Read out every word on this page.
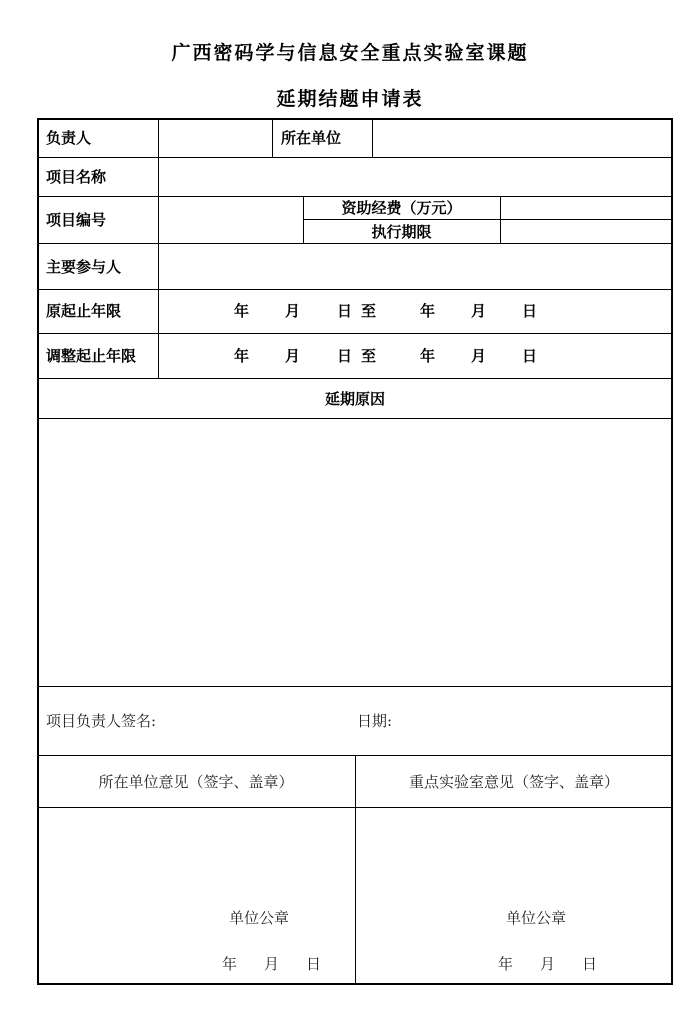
广西密码学与信息安全重点实验室课题
延期结题申请表
负责人	所在单位
项目名称
项目编号
资助经费（万元）
执行期限
主要参与人
原起止年限	年 月 日 至	年 月 日
调整起止年限	年 月 日 至	年 月 日
延期原因
项目负责人签名:	日期:
所在单位意见（签字、盖章）	重点实验室意见（签字、盖章）
单位公章
年 月 日
单位公章
年 月 日
